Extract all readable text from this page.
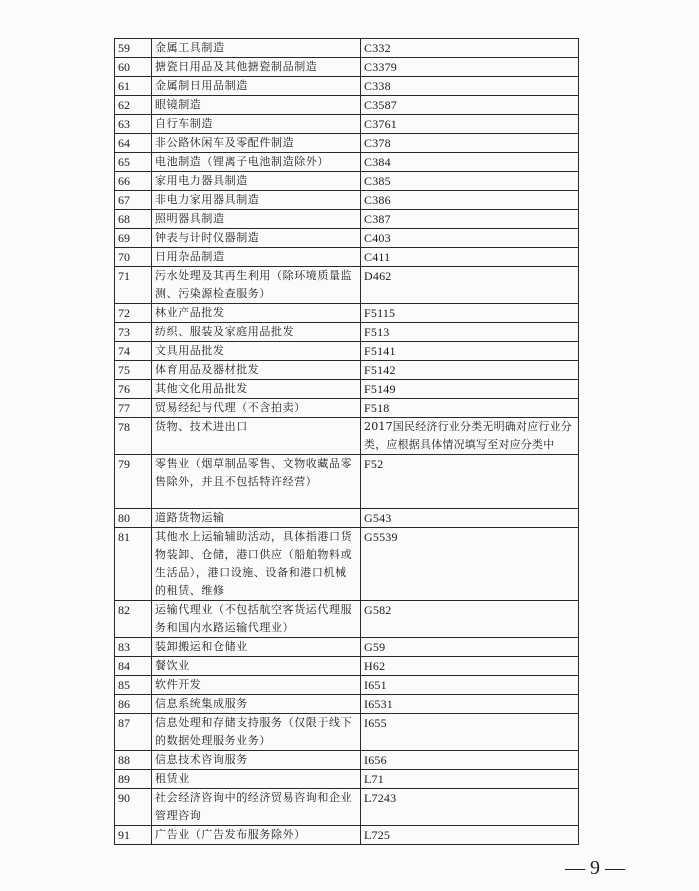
59	金属工具制造	C332
60	搪瓷日用品及其他搪瓷制品制造	C3379
61	金属制日用品制造	C338
62	眼镜制造	C3587
63	自行车制造	C3761
64	非公路休闲车及零配件制造	C378
65	电池制造（锂离子电池制造除外）	C384
66	家用电力器具制造	C385
67	非电力家用器具制造	C386
68	照明器具制造	C387
69	钟表与计时仪器制造	C403
70	日用杂品制造	C411
71	污水处理及其再生利用（除环境质量监测、污染源检查服务）	D462
72	林业产品批发	F5115
73	纺织、服装及家庭用品批发	F513
74	文具用品批发	F5141
75	体育用品及器材批发	F5142
76	其他文化用品批发	F5149
77	贸易经纪与代理（不含拍卖）	F518
78	货物、技术进出口	2017国民经济行业分类无明确对应行业分类，应根据具体情况填写至对应分类中
79	零售业（烟草制品零售、文物收藏品零售除外，并且不包括特许经营）	F52
80	道路货物运输	G543
81	其他水上运输辅助活动，具体指港口货物装卸、仓储，港口供应（船舶物料或生活品），港口设施、设备和港口机械的租赁、维修	G5539
82	运输代理业（不包括航空客货运代理服务和国内水路运输代理业）	G582
83	装卸搬运和仓储业	G59
84	餐饮业	H62
85	软件开发	I651
86	信息系统集成服务	I6531
87	信息处理和存储支持服务（仅限于线下的数据处理服务业务）	I655
88	信息技术咨询服务	I656
89	租赁业	L71
90	社会经济咨询中的经济贸易咨询和企业管理咨询	L7243
91	广告业（广告发布服务除外）	L725
— 9 —
